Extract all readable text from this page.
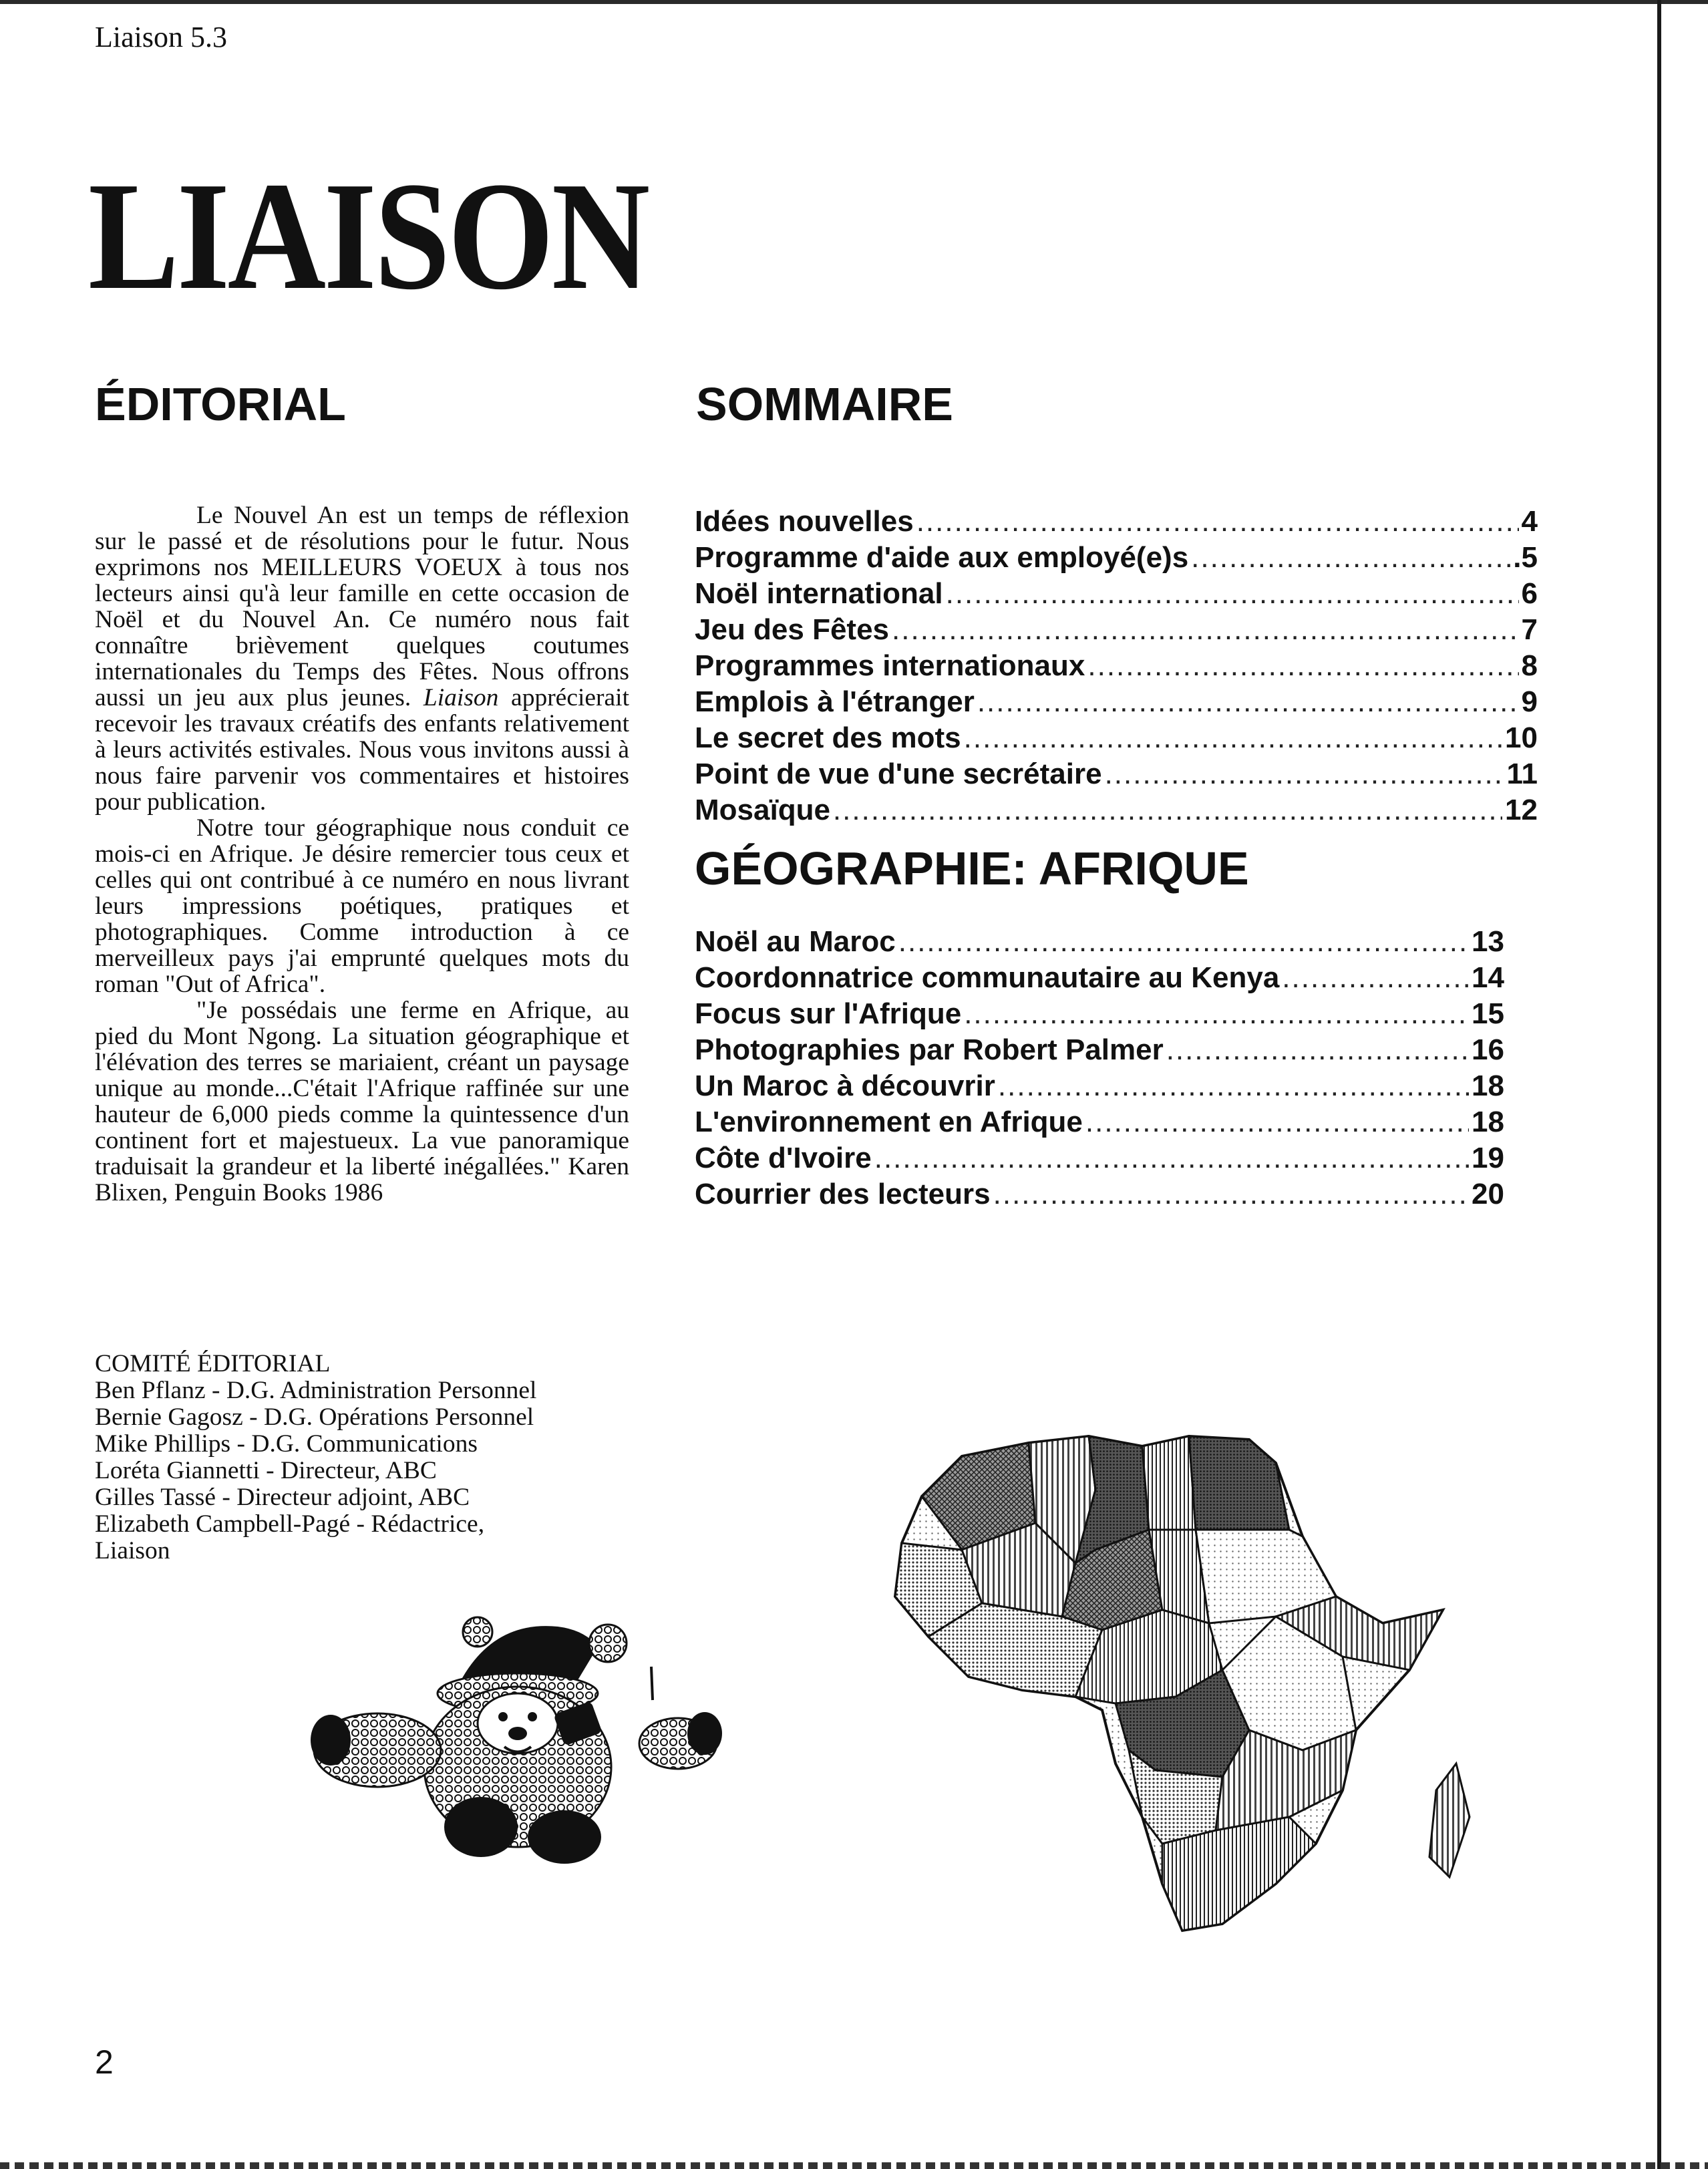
Liaison 5.3
LIAISON
ÉDITORIAL	SOMMAIRE
GÉOGRAPHIE: AFRIQUE

Le Nouvel An est un temps de réflexion sur le passé et de résolutions pour le futur. Nous exprimons nos MEILLEURS VOEUX à tous nos lecteurs ainsi qu'à leur famille en cette occasion de Noël et du Nouvel An. Ce numéro nous fait connaître brièvement quelques coutumes internationales du Temps des Fêtes. Nous offrons aussi un jeu aux plus jeunes. Liaison apprécierait recevoir les travaux créatifs des enfants relativement à leurs activités estivales. Nous vous invitons aussi à nous faire parvenir vos commentaires et histoires pour publication.

Notre tour géographique nous conduit ce mois-ci en Afrique. Je désire remercier tous ceux et celles qui ont contribué à ce numéro en nous livrant leurs impressions poétiques, pratiques et photographiques. Comme introduction à ce merveilleux pays j'ai emprunté quelques mots du roman "Out of Africa".

"Je possédais une ferme en Afrique, au pied du Mont Ngong. La situation géographique et l'élévation des terres se mariaient, créant un paysage unique au monde...C'était l'Afrique raffinée sur une hauteur de 6,000 pieds comme la quintessence d'un continent fort et majestueux. La vue panoramique traduisait la grandeur et la liberté inégallées." Karen Blixen, Penguin Books 1986

COMITÉ ÉDITORIAL
Ben Pflanz - D.G. Administration Personnel
Bernie Gagosz - D.G. Opérations Personnel
Mike Phillips - D.G. Communications
Loréta Giannetti - Directeur, ABC
Gilles Tassé - Directeur adjoint, ABC
Elizabeth Campbell-Pagé - Rédactrice,
Liaison
Idées nouvelles .....	4
Programme d'aide aux employé(e)s .....	.5
Noël international .....	6
Jeu des Fêtes .....	7
Programmes internationaux .....	8
Emplois à l'étranger .....	9
Le secret des mots .....	10
Point de vue d'une secrétaire .....	11
Mosaïque .....	12
Noël au Maroc .....	13
Coordonnatrice communautaire au Kenya .....	14
Focus sur l'Afrique .....	15
Photographies par Robert Palmer .....	16
Un Maroc à découvrir .....	18
L'environnement en Afrique .....	18
Côte d'Ivoire .....	19
Courrier des lecteurs .....	20
2
